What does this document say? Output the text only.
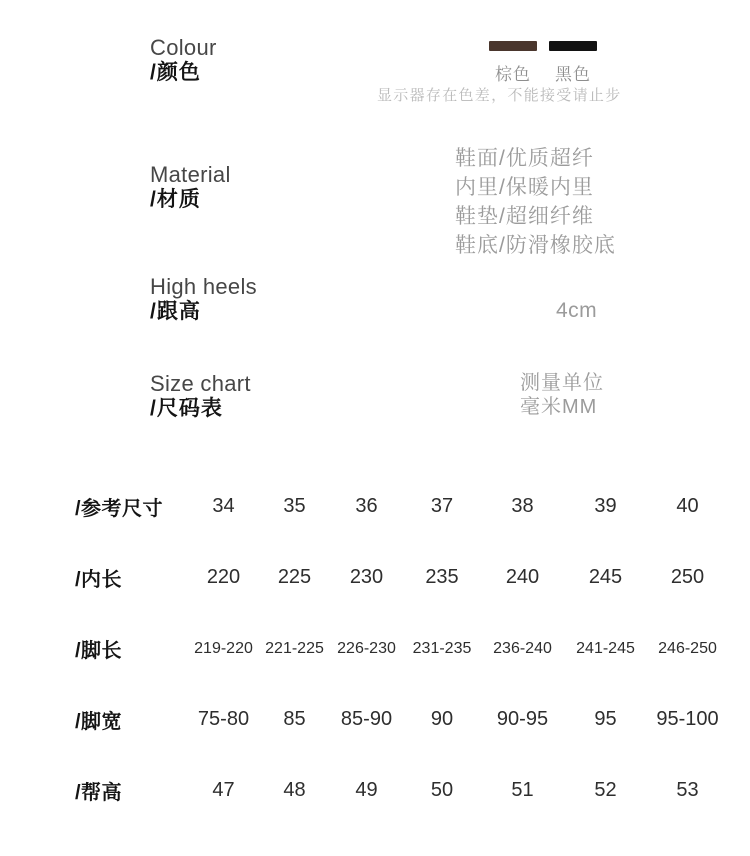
Colour
/颜色	棕色 黑色
显示器存在色差，不能接受请止步
Material
/材质
鞋面/优质超纤
内里/保暖内里
鞋垫/超细纤维
鞋底/防滑橡胶底
High heels
/跟高	4cm
Size chart
/尺码表
测量单位
毫米MM
/参考尺寸	34	35	36	37	38	39	40
/内长	220	225	230	235	240	245	250
/脚长	219-220 221-225 226-230	231-235	236-240	241-245	246-250
/脚宽	75-80	85	85-90	90	90-95	95	95-100
/帮高	47	48	49	50	51	52	53
